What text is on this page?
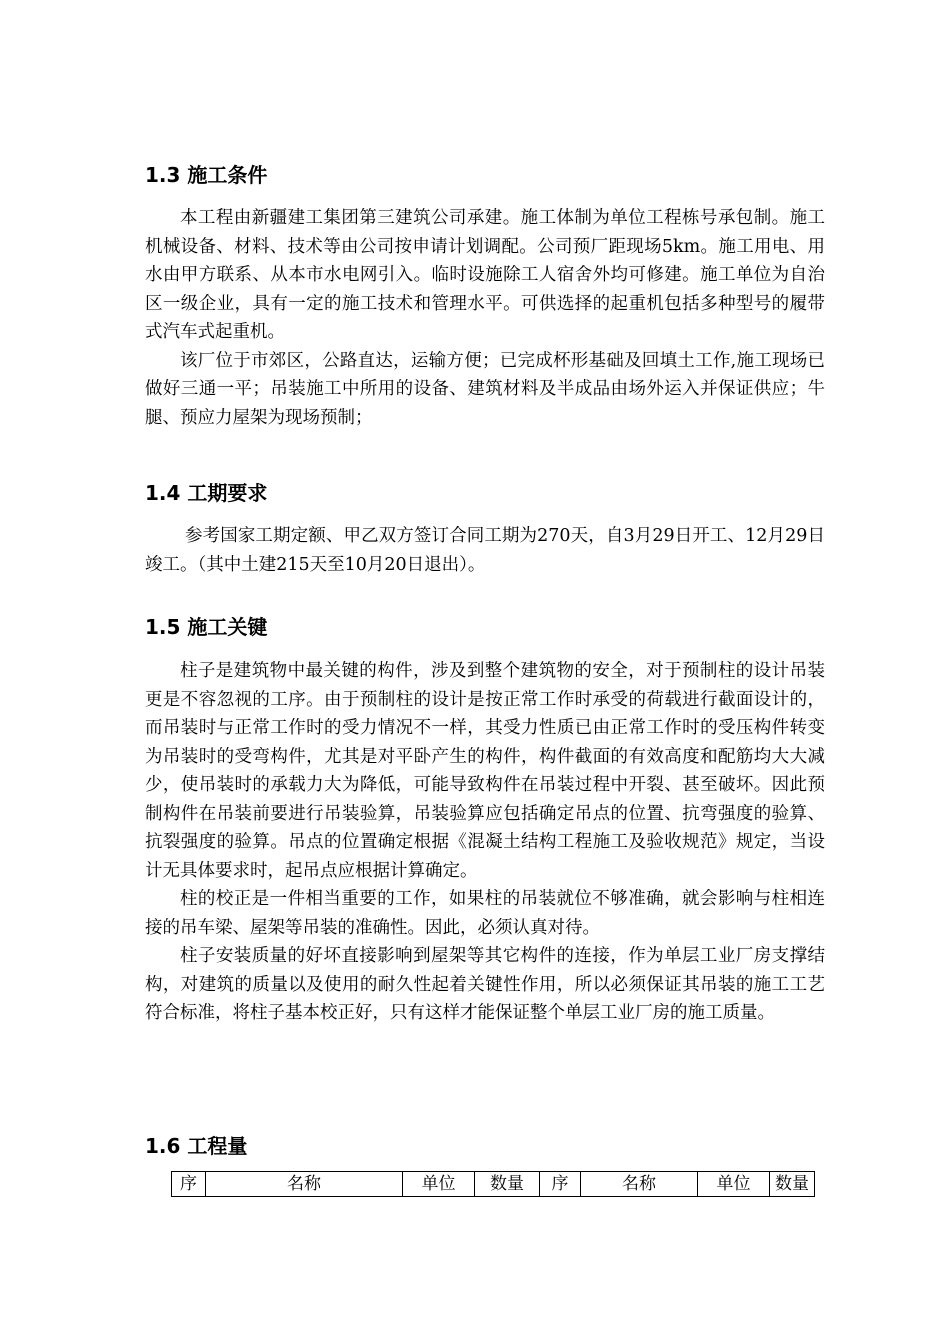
1.3 施工条件

本工程由新疆建工集团第三建筑公司承建。施工体制为单位工程栋号承包制。施工机械设备、材料、技术等由公司按申请计划调配。公司预厂距现场5km。施工用电、用水由甲方联系、从本市水电网引入。临时设施除工人宿舍外均可修建。施工单位为自治区一级企业，具有一定的施工技术和管理水平。可供选择的起重机包括多种型号的履带式汽车式起重机。

该厂位于市郊区，公路直达，运输方便；已完成杯形基础及回填土工作,施工现场已做好三通一平；吊装施工中所用的设备、建筑材料及半成品由场外运入并保证供应；牛腿、预应力屋架为现场预制；

1.4 工期要求

参考国家工期定额、甲乙双方签订合同工期为270天，自3月29日开工、12月29日竣工。（其中土建215天至10月20日退出）。

1.5 施工关键

柱子是建筑物中最关键的构件，涉及到整个建筑物的安全，对于预制柱的设计吊装更是不容忽视的工序。由于预制柱的设计是按正常工作时承受的荷载进行截面设计的，而吊装时与正常工作时的受力情况不一样，其受力性质已由正常工作时的受压构件转变为吊装时的受弯构件，尤其是对平卧产生的构件，构件截面的有效高度和配筋均大大减少，使吊装时的承载力大为降低，可能导致构件在吊装过程中开裂、甚至破坏。因此预制构件在吊装前要进行吊装验算，吊装验算应包括确定吊点的位置、抗弯强度的验算、抗裂强度的验算。吊点的位置确定根据《混凝土结构工程施工及验收规范》规定，当设计无具体要求时，起吊点应根据计算确定。

柱的校正是一件相当重要的工作，如果柱的吊装就位不够准确，就会影响与柱相连接的吊车梁、屋架等吊装的准确性。因此，必须认真对待。

柱子安装质量的好坏直接影响到屋架等其它构件的连接，作为单层工业厂房支撑结构，对建筑的质量以及使用的耐久性起着关键性作用，所以必须保证其吊装的施工工艺符合标准，将柱子基本校正好，只有这样才能保证整个单层工业厂房的施工质量。

1.6 工程量
序	名称	单位	数量	序	名称	单位	数量
